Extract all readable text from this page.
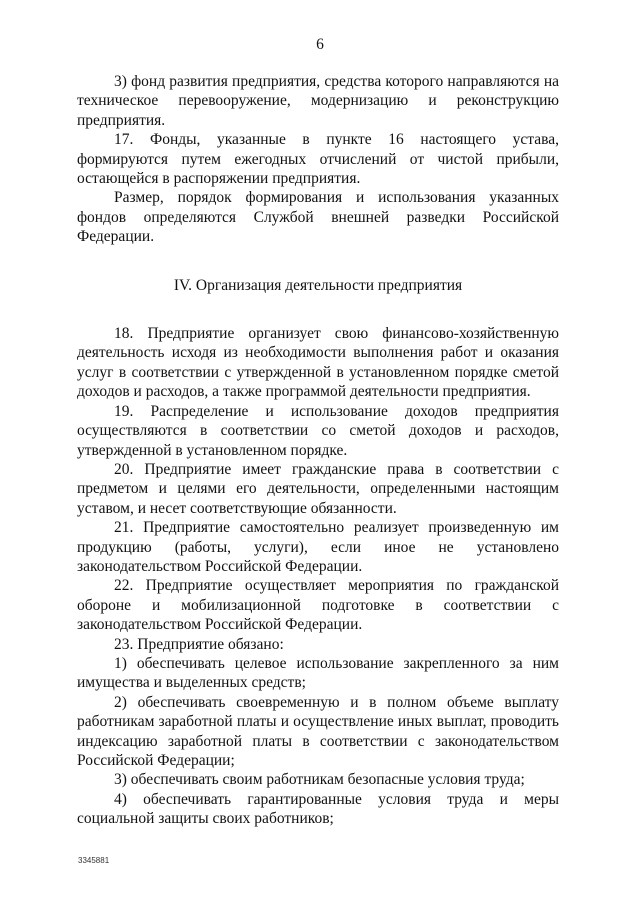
6

3) фонд развития предприятия, средства которого направляются на техническое перевооружение, модернизацию и реконструкцию предприятия.

17. Фонды, указанные в пункте 16 настоящего устава, формируются путем ежегодных отчислений от чистой прибыли, остающейся в распоряжении предприятия.

Размер, порядок формирования и использования указанных фондов определяются Службой внешней разведки Российской Федерации.

IV. Организация деятельности предприятия

18. Предприятие организует свою финансово-хозяйственную деятельность исходя из необходимости выполнения работ и оказания услуг в соответствии с утвержденной в установленном порядке сметой доходов и расходов, а также программой деятельности предприятия.

19. Распределение и использование доходов предприятия осуществляются в соответствии со сметой доходов и расходов, утвержденной в установленном порядке.

20. Предприятие имеет гражданские права в соответствии с предметом и целями его деятельности, определенными настоящим уставом, и несет соответствующие обязанности.

21. Предприятие самостоятельно реализует произведенную им продукцию (работы, услуги), если иное не установлено законодательством Российской Федерации.

22. Предприятие осуществляет мероприятия по гражданской обороне и мобилизационной подготовке в соответствии с законодательством Российской Федерации.

23. Предприятие обязано:

1) обеспечивать целевое использование закрепленного за ним имущества и выделенных средств;

2) обеспечивать своевременную и в полном объеме выплату работникам заработной платы и осуществление иных выплат, проводить индексацию заработной платы в соответствии с законодательством Российской Федерации;

3) обеспечивать своим работникам безопасные условия труда;

4) обеспечивать гарантированные условия труда и меры социальной защиты своих работников;

3345881
